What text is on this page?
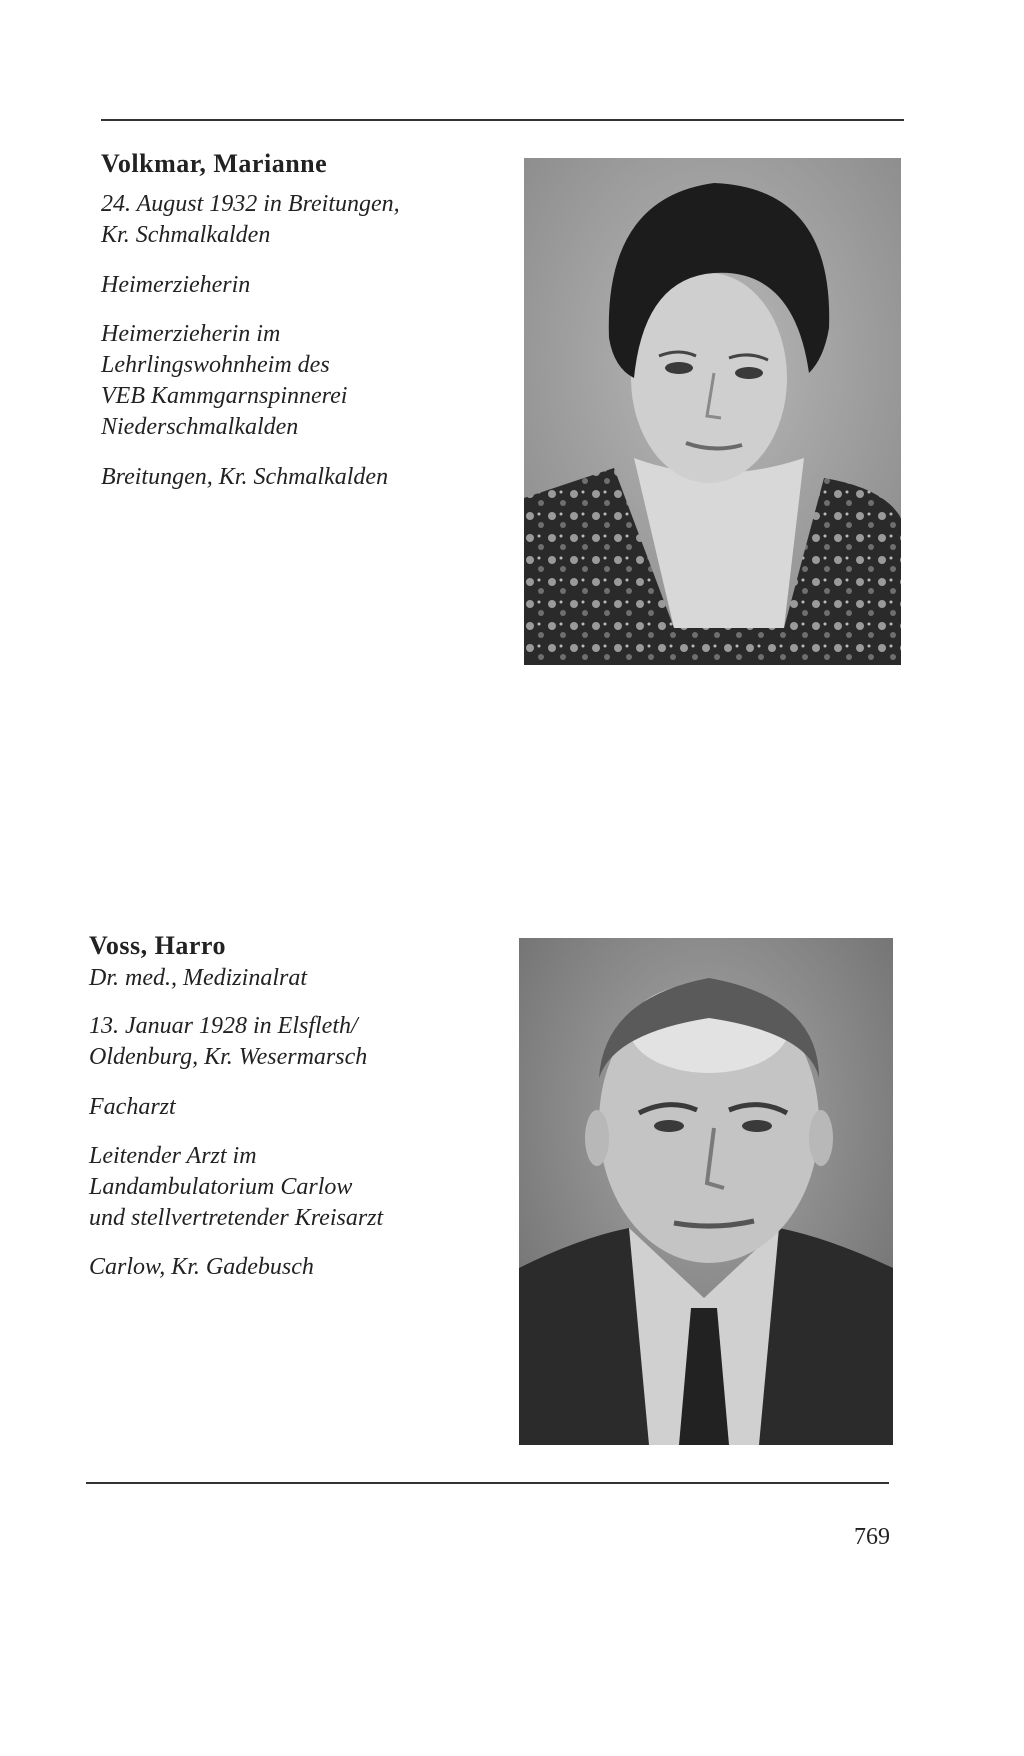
Volkmar, Marianne
24. August 1932 in Breitungen,
Kr. Schmalkalden
Heimerzieherin
Heimerzieherin im
Lehrlingswohnheim des
VEB Kammgarnspinnerei
Niederschmalkalden
Breitungen, Kr. Schmalkalden
Voss, Harro
Dr. med., Medizinalrat
13. Januar 1928 in Elsfleth/
Oldenburg, Kr. Wesermarsch
Facharzt
Leitender Arzt im
Landambulatorium Carlow
und stellvertretender Kreisarzt
Carlow, Kr. Gadebusch
769
